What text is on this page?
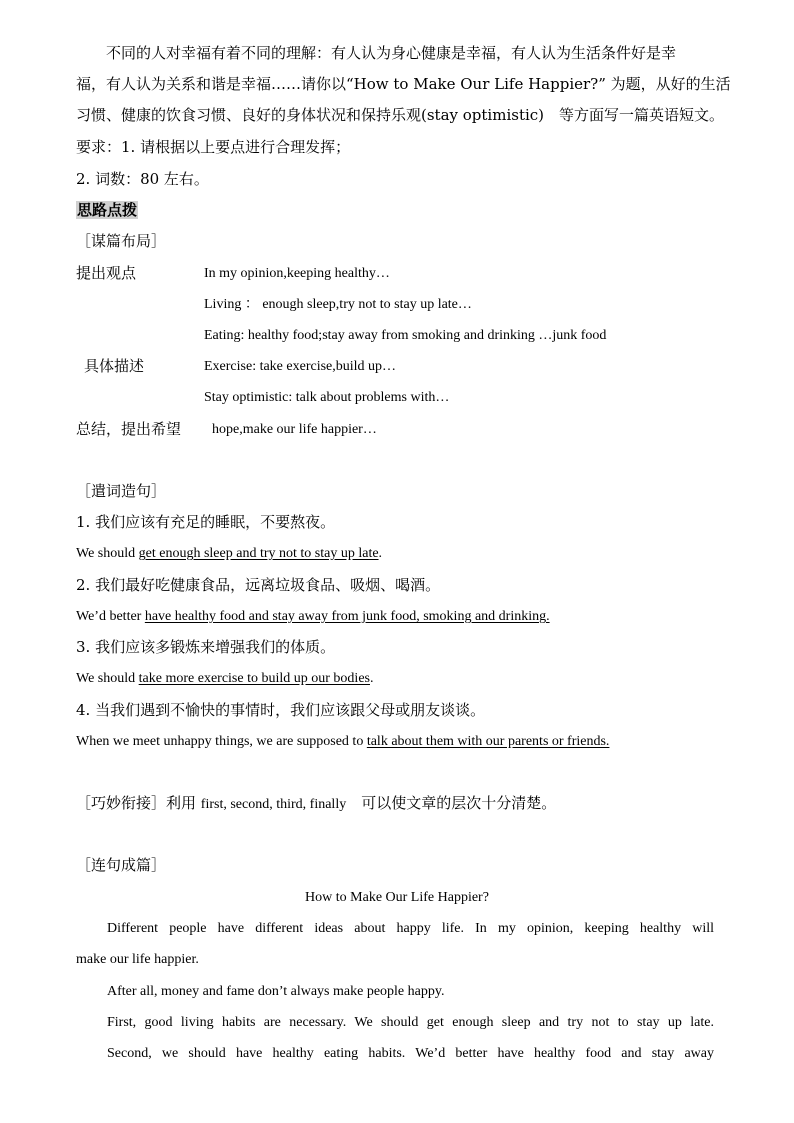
不同的人对幸福有着不同的理解：有人认为身心健康是幸福，有人认为生活条件好是幸
福，有人认为关系和谐是幸福……请你以“How to Make Our Life Happier?” 为题，从好的生活
习惯、健康的饮食习惯、良好的身体状况和保持乐观(stay optimistic)　等方面写一篇英语短文。
要求：1. 请根据以上要点进行合理发挥；
2. 词数：80 左右。
思路点拨
［谋篇布局］
提出观点	In my opinion,keeping healthy…
Living ： enough sleep,try not to stay up late…
Eating: healthy food;stay away from smoking and drinking …junk food
具体描述	Exercise: take exercise,build up…
Stay optimistic: talk about problems with…
总结，提出希望 hope,make our life happier…
［遣词造句］
1. 我们应该有充足的睡眠，不要熬夜。
We should get enough sleep and try not to stay up late.
2. 我们最好吃健康食品，远离垃圾食品、吸烟、喝酒。
We’d better have healthy food and stay away from junk food, smoking and drinking.
3. 我们应该多锻炼来增强我们的体质。
We should take more exercise to build up our bodies.
4. 当我们遇到不愉快的事情时，我们应该跟父母或朋友谈谈。
When we meet unhappy things, we are supposed to talk about them with our parents or friends.
［巧妙衔接］利用 first, second, third, finally　可以使文章的层次十分清楚。
［连句成篇］
How to Make Our Life Happier?
Different people have different ideas about happy life. In my opinion, keeping healthy will
make our life happier.
After all, money and fame don’t always make people happy.
First, good living habits are necessary. We should get enough sleep and try not to stay up late.
Second, we should have healthy eating habits. We’d better have healthy food and stay away
